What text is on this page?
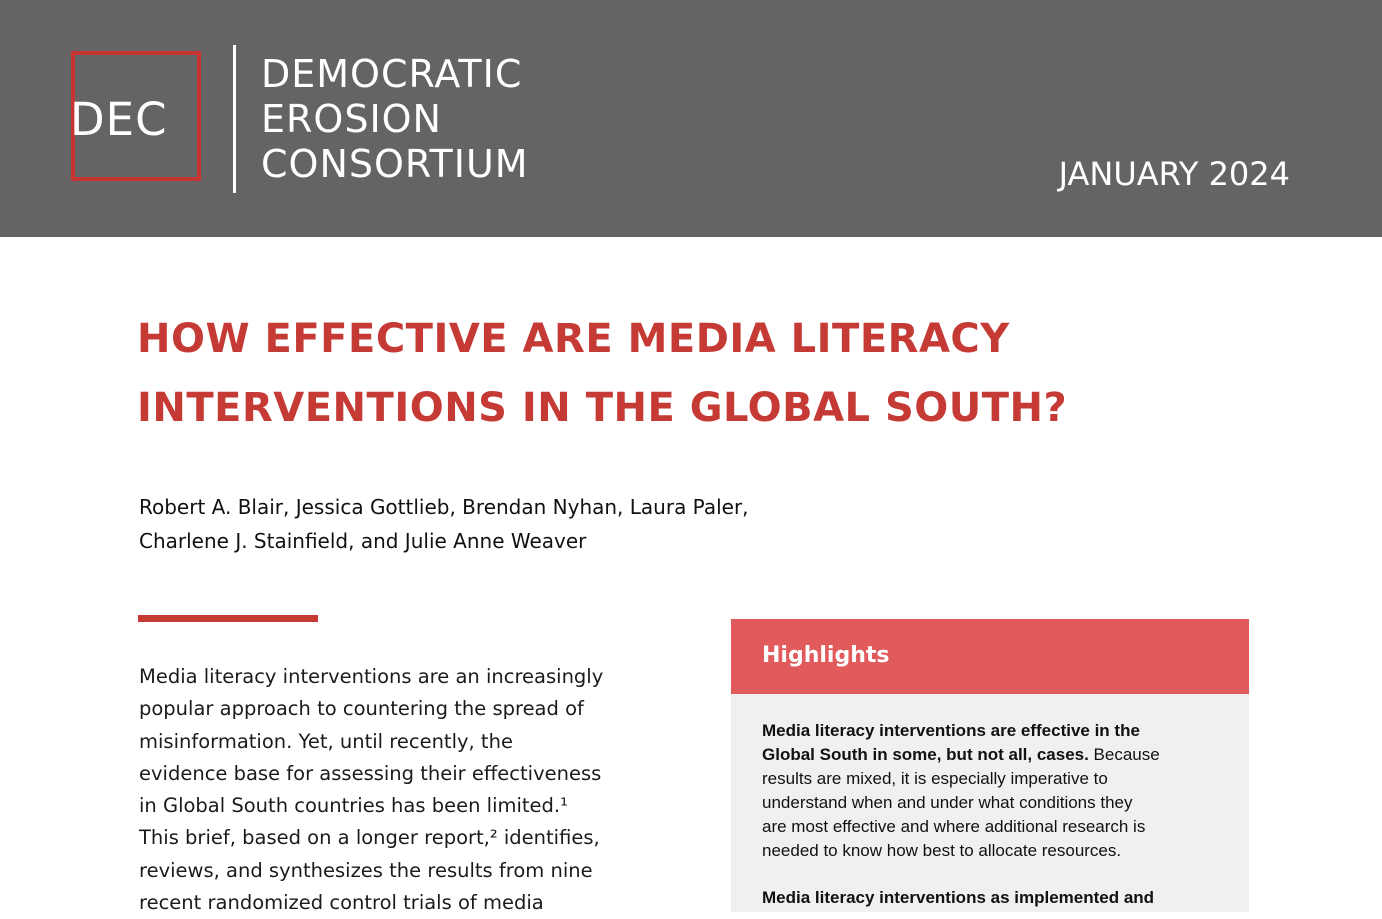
DEC
DEMOCRATIC
EROSION
CONSORTIUM	JANUARY 2024
HOW EFFECTIVE ARE MEDIA LITERACY
INTERVENTIONS IN THE GLOBAL SOUTH?
Robert A. Blair, Jessica Gottlieb, Brendan Nyhan, Laura Paler,
Charlene J. Stainfield, and Julie Anne Weaver
Media literacy interventions are an increasingly
popular approach to countering the spread of
misinformation. Yet, until recently, the
evidence base for assessing their effectiveness
in Global South countries has been limited.¹
This brief, based on a longer report,² identifies,
reviews, and synthesizes the results from nine
recent randomized control trials of media
Highlights
Media literacy interventions are effective in the
Global South in some, but not all, cases. Because
results are mixed, it is especially imperative to
understand when and under what conditions they
are most effective and where additional research is
needed to know how best to allocate resources.
Media literacy interventions as implemented and
